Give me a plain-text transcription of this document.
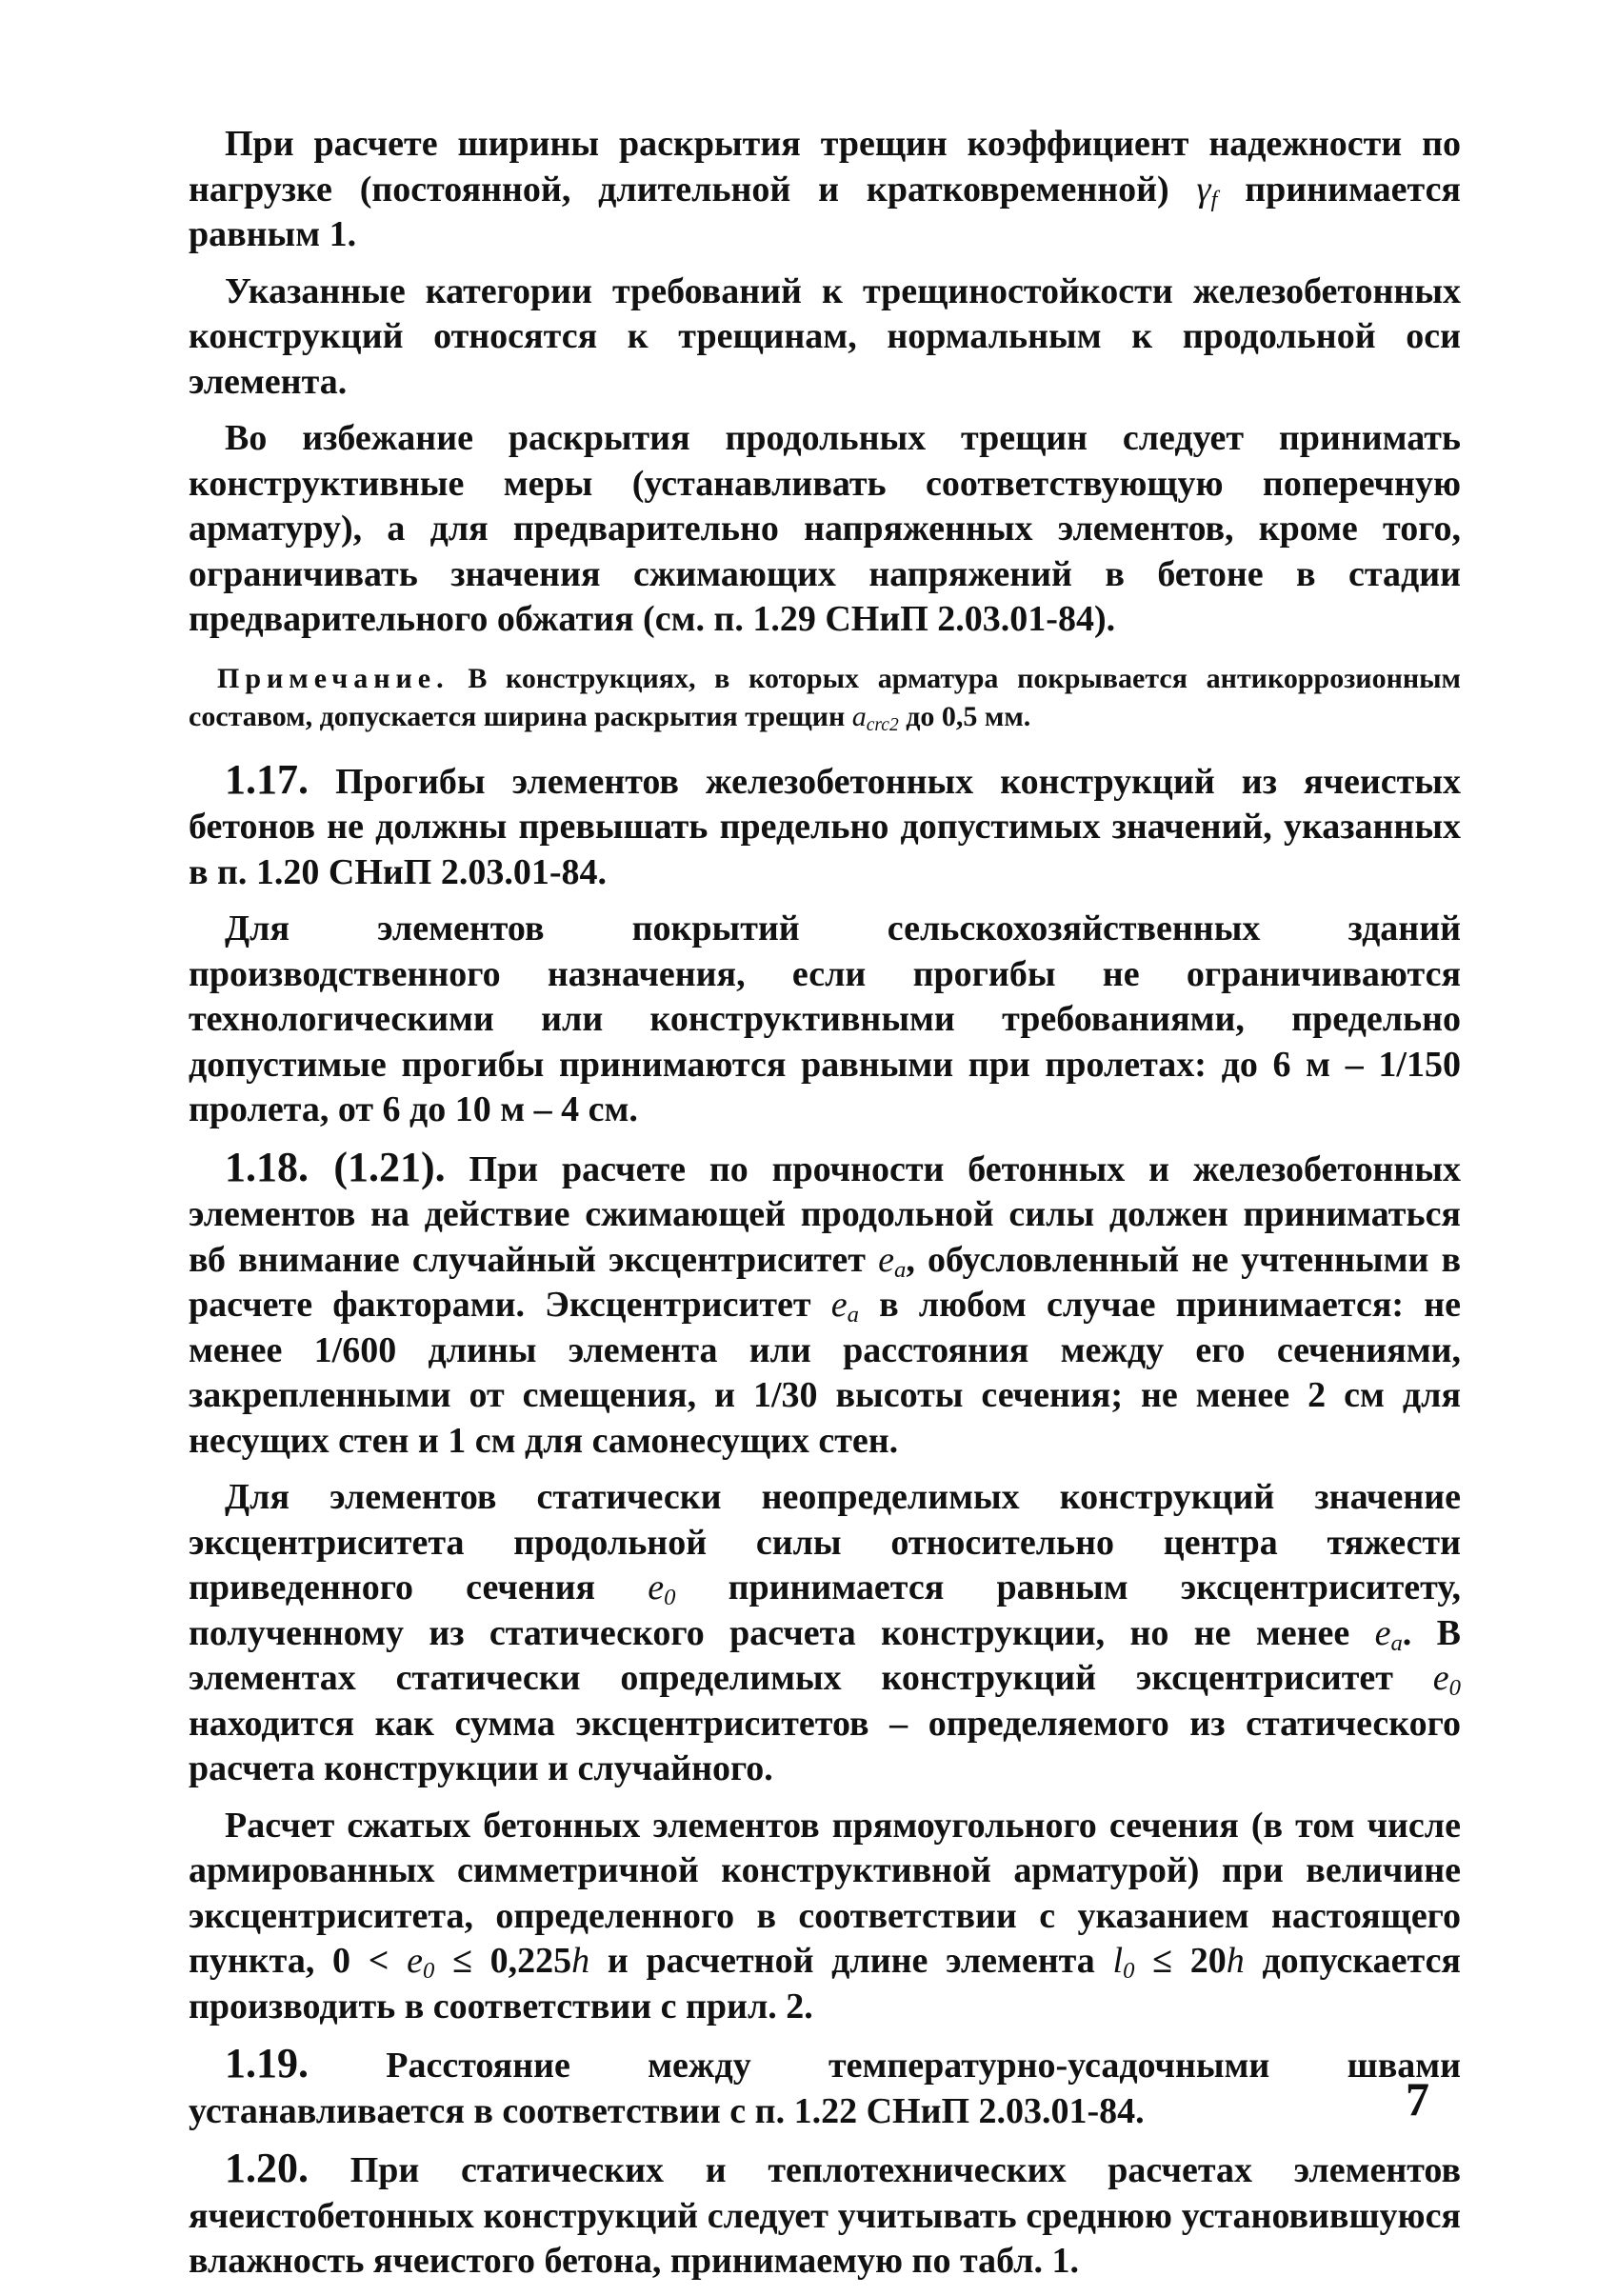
 При расчете ширины раскрытия трещин коэффициент надежности по нагрузке (постоянной, длительной и кратковременной) $\gamma_f$ принимается равным 1.

 Указанные категории требований к трещиностойкости железобетонных конструкций относятся к трещинам, нормальным к продольной оси элемента.

 Во избежание раскрытия продольных трещин следует принимать конструктивные меры (устанавливать соответствующую поперечную арматуру), а для предварительно напряженных элементов, кроме того, ограничивать значения сжимающих напряжений в бетоне в стадии предварительного обжатия (см. п. 1.29 СНиП 2.03.01-84).

 Примечание. В конструкциях, в которых арматура покрывается антикоррозионным составом, допускается ширина раскрытия трещин $a_{crc2}$ до 0,5 мм.

 1.17. Прогибы элементов железобетонных конструкций из ячеистых бетонов не должны превышать предельно допустимых значений, указанных в п. 1.20 СНиП 2.03.01-84.

 Для элементов покрытий сельскохозяйственных зданий производственного назначения, если прогибы не ограничиваются технологическими или конструктивными требованиями, предельно допустимые прогибы принимаются равными при пролетах: до 6 м – 1/150 пролета, от 6 до 10 м – 4 см.

 1.18. (1.21). При расчете по прочности бетонных и железобетонных элементов на действие сжимающей продольной силы должен приниматься вб внимание случайный эксцентриситет $e_a$, обусловленный не учтенными в расчете факторами. Эксцентриситет $e_a$ в любом случае принимается: не менее 1/600 длины элемента или расстояния между его сечениями, закрепленными от смещения, и 1/30 высоты сечения; не менее 2 см для несущих стен и 1 см для самонесущих стен.

 Для элементов статически неопределимых конструкций значение эксцентриситета продольной силы относительно центра тяжести приведенного сечения $e_0$ принимается равным эксцентриситету, полученному из статического расчета конструкции, но не менее $e_a$. В элементах статически определимых конструкций эксцентриситет $e_0$ находится как сумма эксцентриситетов – определяемого из статического расчета конструкции и случайного.

 Расчет сжатых бетонных элементов прямоугольного сечения (в том числе армированных симметричной конструктивной арматурой) при величине эксцентриситета, определенного в соответствии с указанием настоящего пункта, $0 < e_0 \le 0,225h$ и расчетной длине элемента $l_0 \le 20h$ допускается производить в соответствии с прил. 2.

 1.19. Расстояние между температурно-усадочными швами устанавливается в соответствии с п. 1.22 СНиП 2.03.01-84.

 1.20. При статических и теплотехнических расчетах элементов ячеистобетонных конструкций следует учитывать среднюю установившуюся влажность ячеистого бетона, принимаемую по табл. 1.

7
